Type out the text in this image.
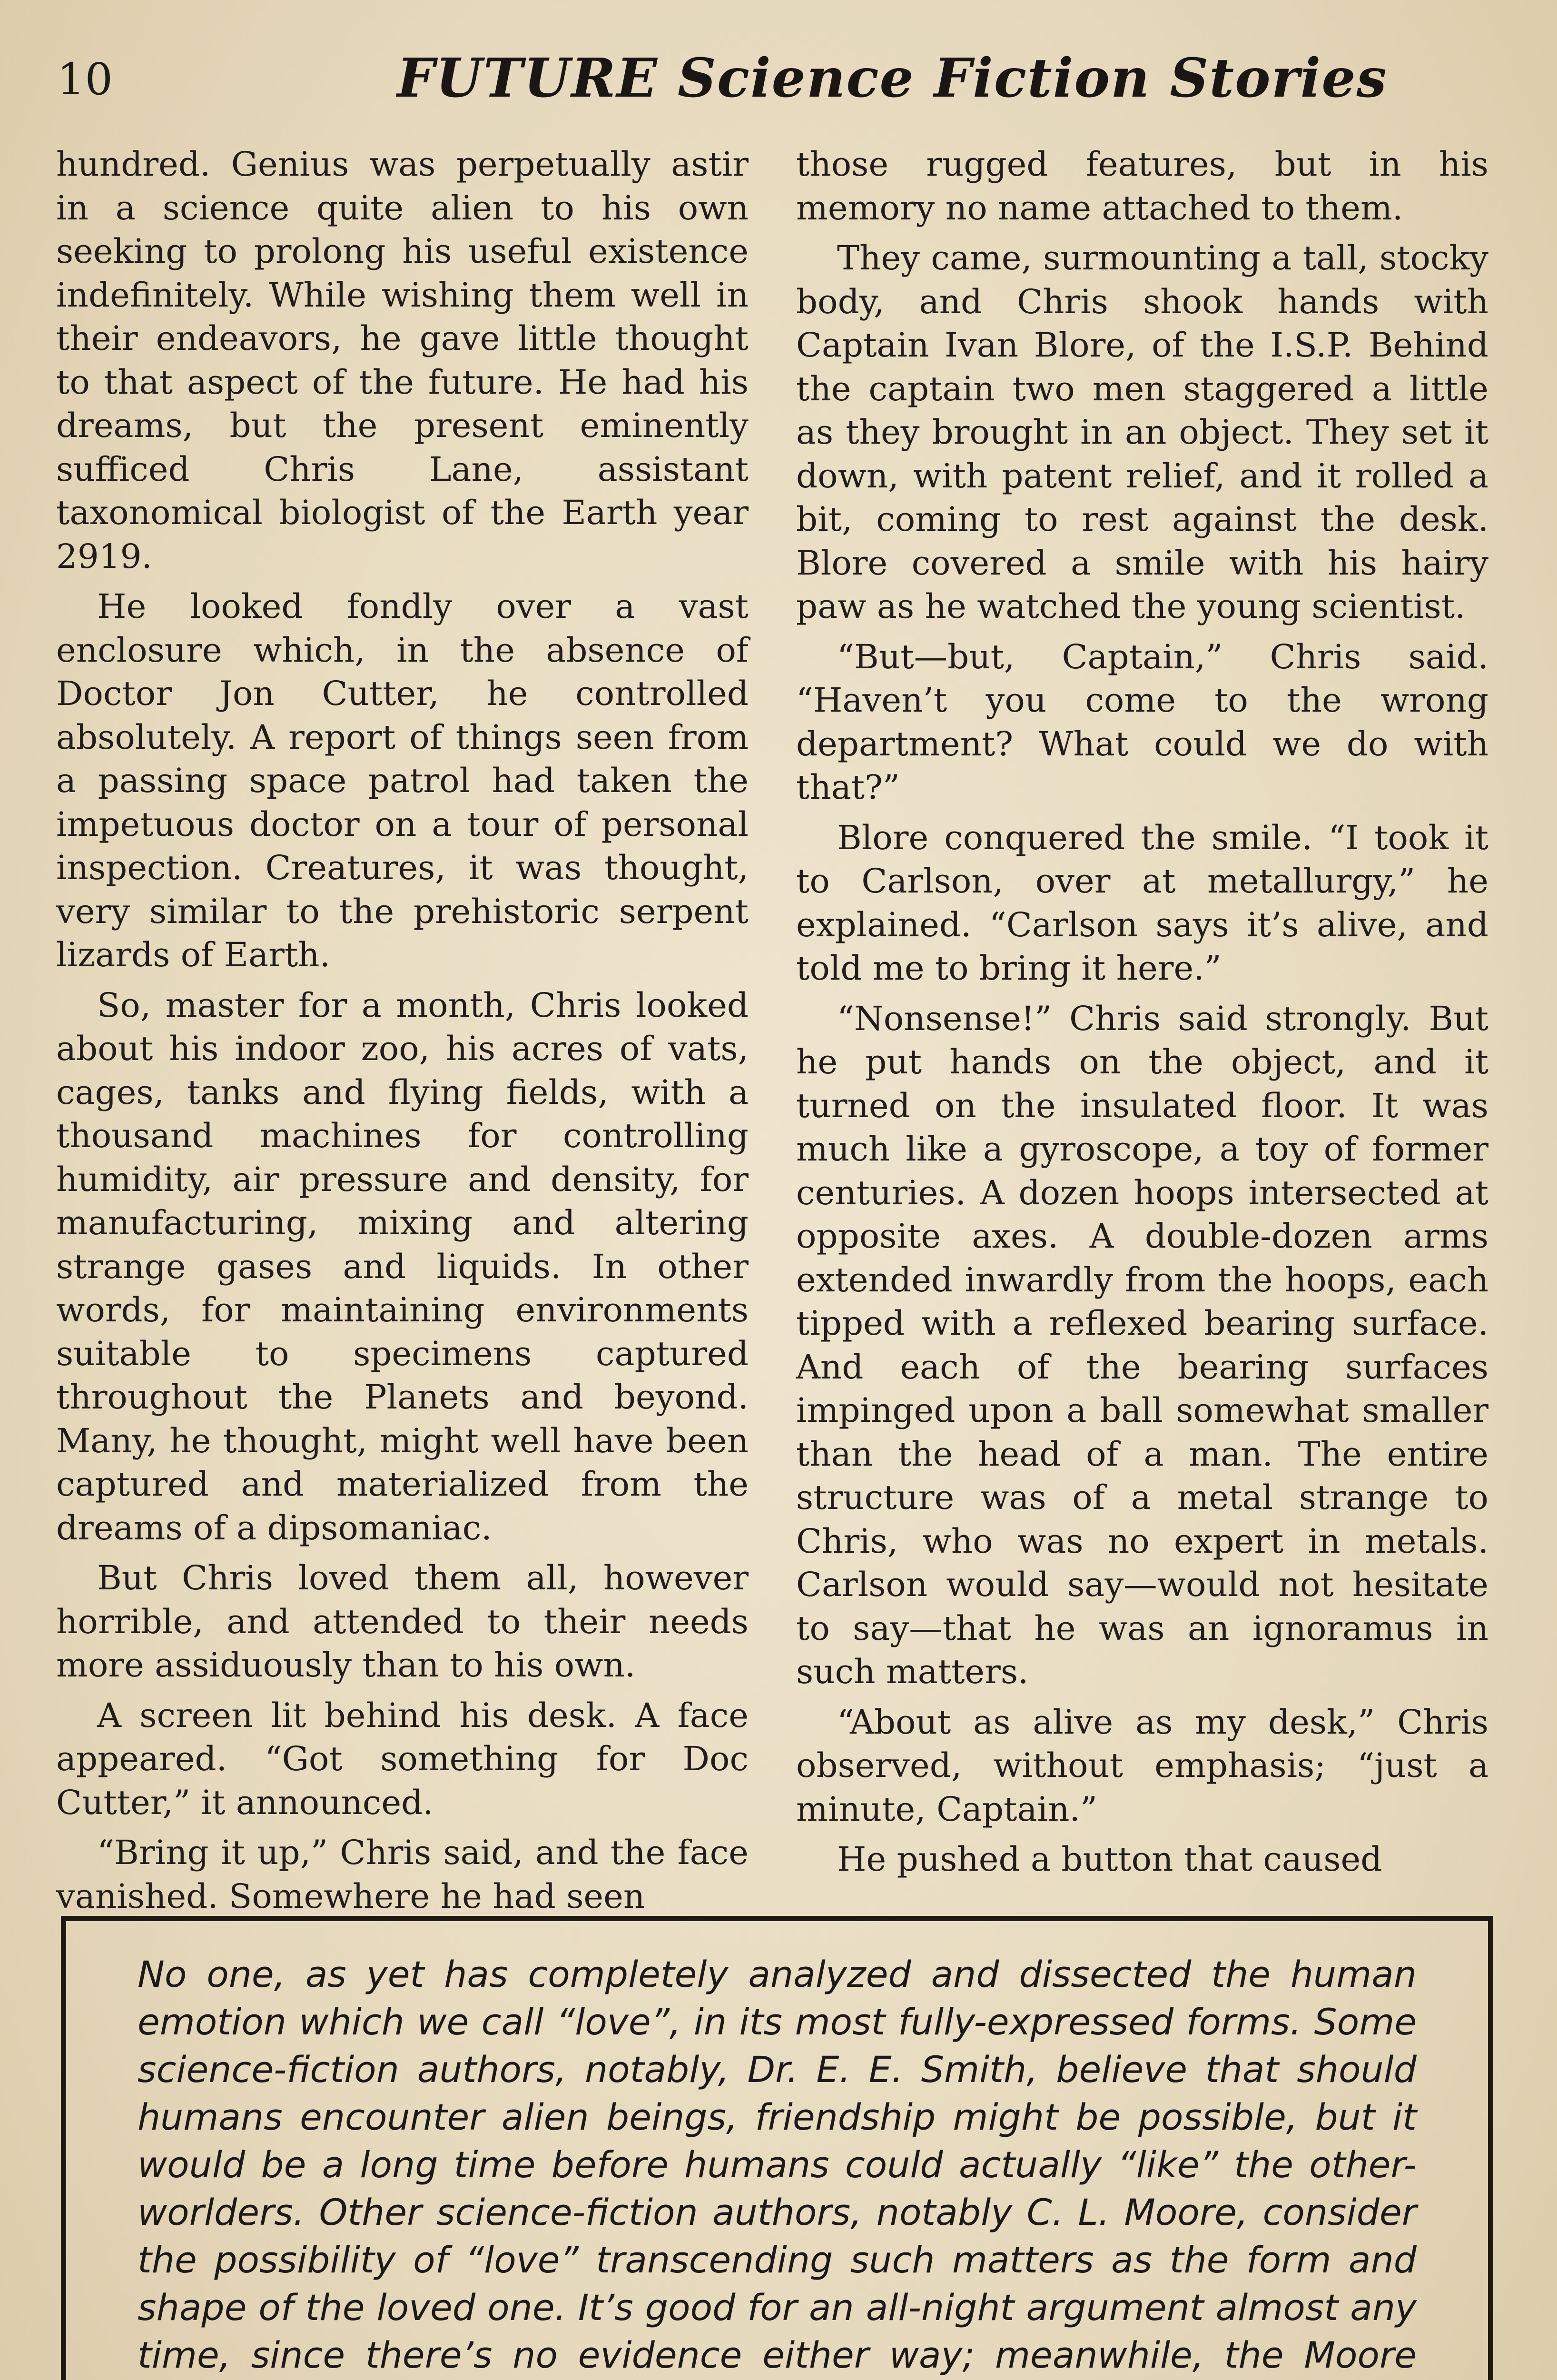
10	FUTURE Science Fiction Stories

hundred. Genius was perpetually astir in a science quite alien to his own seeking to prolong his useful existence indefinitely. While wishing them well in their endeavors, he gave little thought to that aspect of the future. He had his dreams, but the present eminently sufficed Chris Lane, assistant taxonomical biologist of the Earth year 2919.

He looked fondly over a vast enclosure which, in the absence of Doctor Jon Cutter, he controlled absolutely. A report of things seen from a passing space patrol had taken the impetuous doctor on a tour of personal inspection. Creatures, it was thought, very similar to the prehistoric serpent lizards of Earth.

So, master for a month, Chris looked about his indoor zoo, his acres of vats, cages, tanks and flying fields, with a thousand machines for controlling humidity, air pressure and density, for manufacturing, mixing and altering strange gases and liquids. In other words, for maintaining environments suitable to specimens captured throughout the Planets and beyond. Many, he thought, might well have been captured and materialized from the dreams of a dipsomaniac.

But Chris loved them all, however horrible, and attended to their needs more assiduously than to his own.

A screen lit behind his desk. A face appeared. “Got something for Doc Cutter,” it announced.

“Bring it up,” Chris said, and the face vanished. Somewhere he had seen

those rugged features, but in his memory no name attached to them.

They came, surmounting a tall, stocky body, and Chris shook hands with Captain Ivan Blore, of the I.S.P. Behind the captain two men staggered a little as they brought in an object. They set it down, with patent relief, and it rolled a bit, coming to rest against the desk. Blore covered a smile with his hairy paw as he watched the young scientist.

“But—but, Captain,” Chris said. “Haven’t you come to the wrong department? What could we do with that?”

Blore conquered the smile. “I took it to Carlson, over at metallurgy,” he explained. “Carlson says it’s alive, and told me to bring it here.”

“Nonsense!” Chris said strongly. But he put hands on the object, and it turned on the insulated floor. It was much like a gyroscope, a toy of former centuries. A dozen hoops intersected at opposite axes. A double-dozen arms extended inwardly from the hoops, each tipped with a reflexed bearing surface. And each of the bearing surfaces impinged upon a ball somewhat smaller than the head of a man. The entire structure was of a metal strange to Chris, who was no expert in metals. Carlson would say—would not hesitate to say—that he was an ignoramus in such matters.

“About as alive as my desk,” Chris observed, without emphasis; “just a minute, Captain.”

He pushed a button that caused

No one, as yet has completely analyzed and dissected the human emotion which we call “love”, in its most fully-expressed forms. Some science-fiction authors, notably, Dr. E. E. Smith, believe that should humans encounter alien beings, friendship might be possible, but it would be a long time before humans could actually “like” the other-worlders. Other science-fiction authors, notably C. L. Moore, consider the possibility of “love” transcending such matters as the form and shape of the loved one. It’s good for an all-night argument almost any time, since there’s no evidence either way; meanwhile, the Moore
